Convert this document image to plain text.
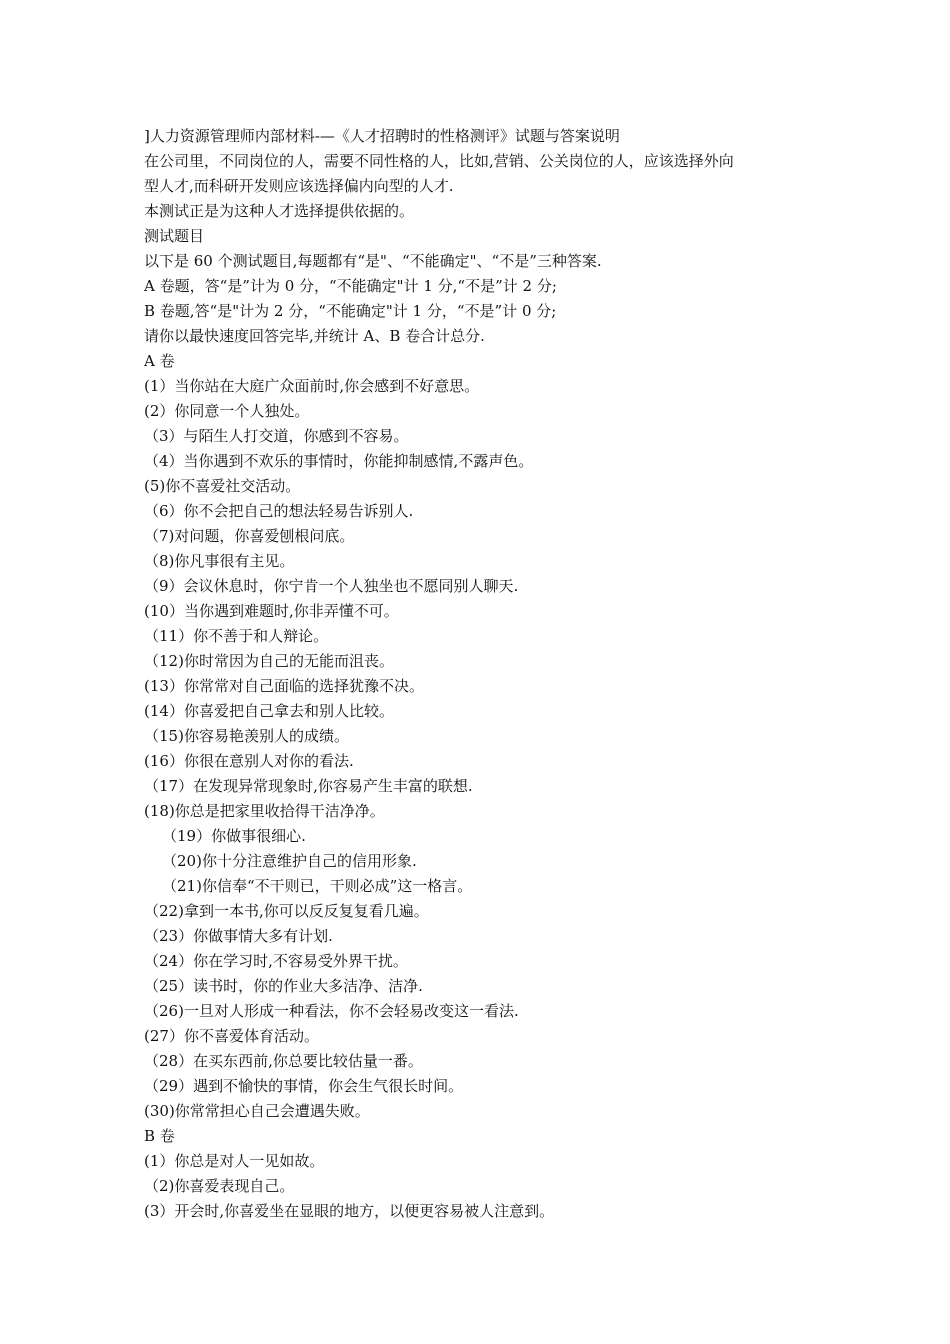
]人力资源管理师内部材料-—《人才招聘时的性格测评》试题与答案说明
在公司里，不同岗位的人，需要不同性格的人，比如,营销、公关岗位的人，应该选择外向
型人才,而科研开发则应该选择偏内向型的人才.
本测试正是为这种人才选择提供依据的。
测试题目
以下是 60 个测试题目,每题都有“是"、“不能确定"、“不是”三种答案.
A 卷题，答“是”计为 0 分，“不能确定"计 1 分,“不是”计 2 分;
B 卷题,答“是"计为 2 分，“不能确定"计 1 分，“不是”计 0 分;
请你以最快速度回答完毕,并统计 A、B 卷合计总分.
A 卷
(1）当你站在大庭广众面前时,你会感到不好意思。
(2）你同意一个人独处。
（3）与陌生人打交道，你感到不容易。
（4）当你遇到不欢乐的事情时，你能抑制感情,不露声色。
(5)你不喜爱社交活动。
（6）你不会把自己的想法轻易告诉别人.
（7)对问题，你喜爱刨根问底。
（8)你凡事很有主见。
（9）会议休息时，你宁肯一个人独坐也不愿同别人聊天.
(10）当你遇到难题时,你非弄懂不可。
（11）你不善于和人辩论。
（12)你时常因为自己的无能而沮丧。
(13）你常常对自己面临的选择犹豫不决。
(14）你喜爱把自己拿去和别人比较。
（15)你容易艳羡别人的成绩。
(16）你很在意别人对你的看法.
（17）在发现异常现象时,你容易产生丰富的联想.
(18)你总是把家里收拾得干洁净净。
（19）你做事很细心.
（20)你十分注意维护自己的信用形象.
（21)你信奉“不干则已，干则必成”这一格言。
（22)拿到一本书,你可以反反复复看几遍。
（23）你做事情大多有计划.
（24）你在学习时,不容易受外界干扰。
（25）读书时，你的作业大多洁净、洁净.
（26)一旦对人形成一种看法，你不会轻易改变这一看法.
(27）你不喜爱体育活动。
（28）在买东西前,你总要比较估量一番。
（29）遇到不愉快的事情，你会生气很长时间。
(30)你常常担心自己会遭遇失败。
B 卷
(1）你总是对人一见如故。
（2)你喜爱表现自己。
(3）开会时,你喜爱坐在显眼的地方，以便更容易被人注意到。
